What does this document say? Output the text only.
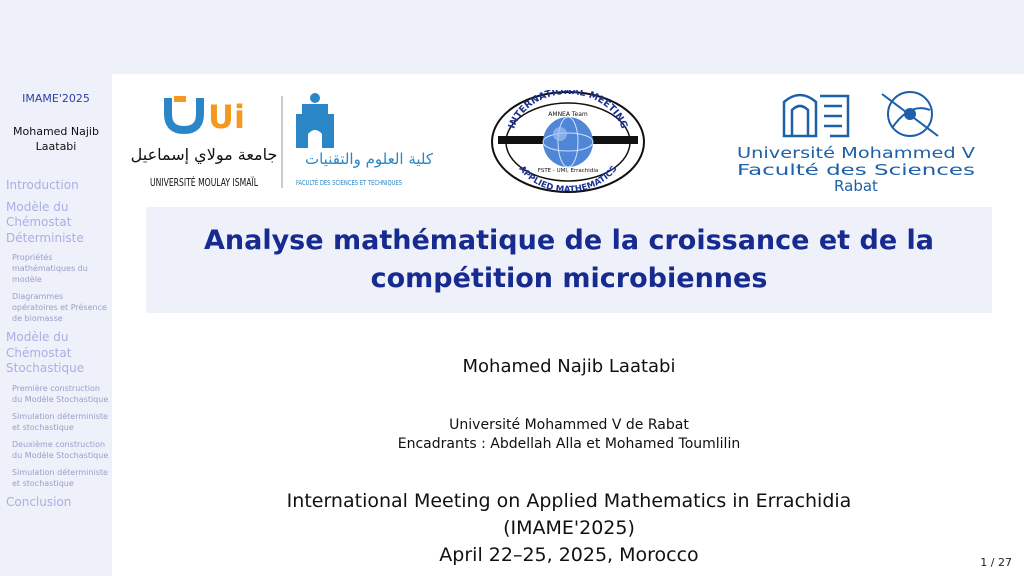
IMAME'2025
Mohamed Najib
Laatabi
Introduction
Modèle du Chémostat Déterministe
Propriétés mathématiques du modèle
Diagrammes opératoires et Présence de biomasse
Modèle du Chémostat Stochastique
Première construction du Modèle Stochastique
Simulation déterministe et stochastique
Deuxième construction du Modèle Stochastique
Simulation déterministe et stochastique
Conclusion
Ui
جامعة مولاي إسماعيل
UNIVERSITÉ MOULAY ISMAÏL
كلية العلوم والتقنيات
FACULTÉ DES SCIENCES ET TECHNIQUES
INTERNATIONAL MEETING
APPLIED MATHEMATICS
AMNEA Team
FSTE - UMI, Errachidia
Université Mohammed V
Faculté des Sciences
Rabat
Analyse mathématique de la croissance et de la compétition microbiennes
Mohamed Najib Laatabi
Université Mohammed V de Rabat
Encadrants : Abdellah Alla et Mohamed Toumlilin
International Meeting on Applied Mathematics in Errachidia
(IMAME'2025)
April 22–25, 2025, Morocco	1 / 27
